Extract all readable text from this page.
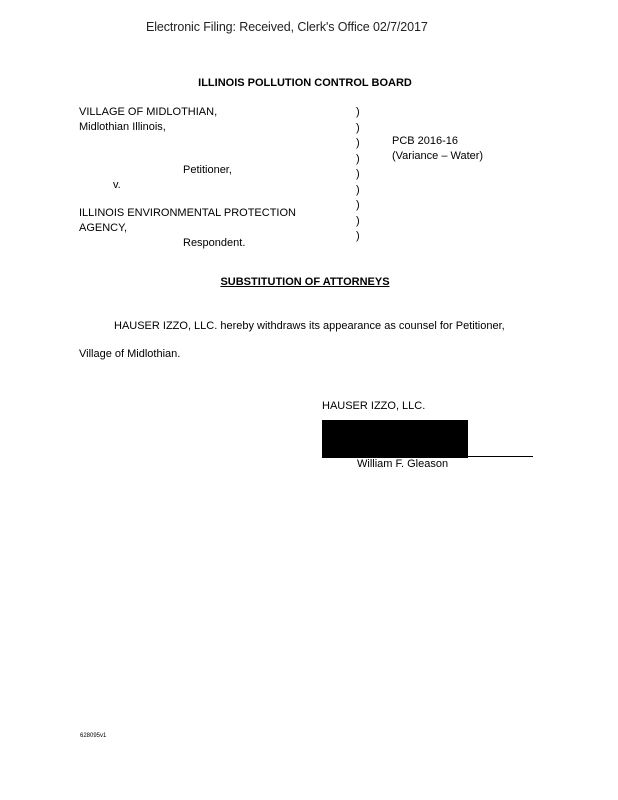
Electronic Filing: Received, Clerk's Office 02/7/2017
ILLINOIS POLLUTION CONTROL BOARD
VILLAGE OF MIDLOTHIAN,
Midlothian Illinois,
Petitioner,
v.
ILLINOIS ENVIRONMENTAL PROTECTION
AGENCY,
Respondent.
)
)
)
)
)
)
)
)
)
PCB 2016-16
(Variance – Water)
SUBSTITUTION OF ATTORNEYS
HAUSER IZZO, LLC. hereby withdraws its appearance as counsel for Petitioner,
Village of Midlothian.
HAUSER IZZO, LLC.
William F. Gleason
628095v1
